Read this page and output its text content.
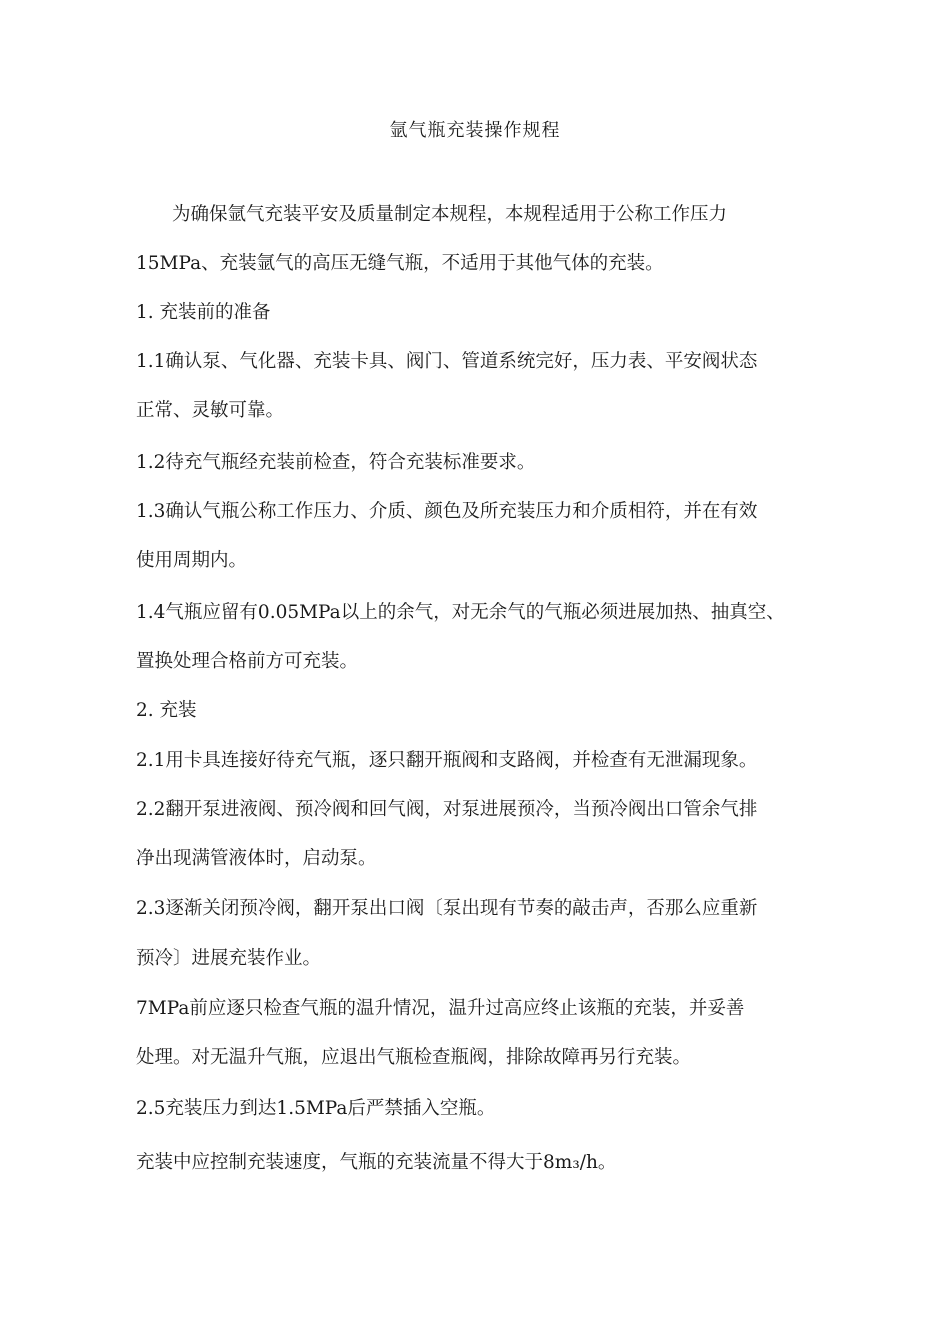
氩气瓶充装操作规程
为确保氩气充装平安及质量制定本规程，本规程适用于公称工作压力
15MPa、充装氩气的高压无缝气瓶，不适用于其他气体的充装。
1. 充装前的准备
1.1确认泵、气化器、充装卡具、阀门、管道系统完好，压力表、平安阀状态
正常、灵敏可靠。
1.2待充气瓶经充装前检查，符合充装标准要求。
1.3确认气瓶公称工作压力、介质、颜色及所充装压力和介质相符，并在有效
使用周期内。
1.4气瓶应留有0.05MPa以上的余气，对无余气的气瓶必须进展加热、抽真空、
置换处理合格前方可充装。
2. 充装
2.1用卡具连接好待充气瓶，逐只翻开瓶阀和支路阀，并检查有无泄漏现象。
2.2翻开泵进液阀、预冷阀和回气阀，对泵进展预冷，当预冷阀出口管余气排
净出现满管液体时，启动泵。
2.3逐渐关闭预冷阀，翻开泵出口阀〔泵出现有节奏的敲击声，否那么应重新
预冷〕进展充装作业。
7MPa前应逐只检查气瓶的温升情况，温升过高应终止该瓶的充装，并妥善
处理。对无温升气瓶，应退出气瓶检查瓶阀，排除故障再另行充装。
2.5充装压力到达1.5MPa后严禁插入空瓶。
充装中应控制充装速度，气瓶的充装流量不得大于8m₃/h。
